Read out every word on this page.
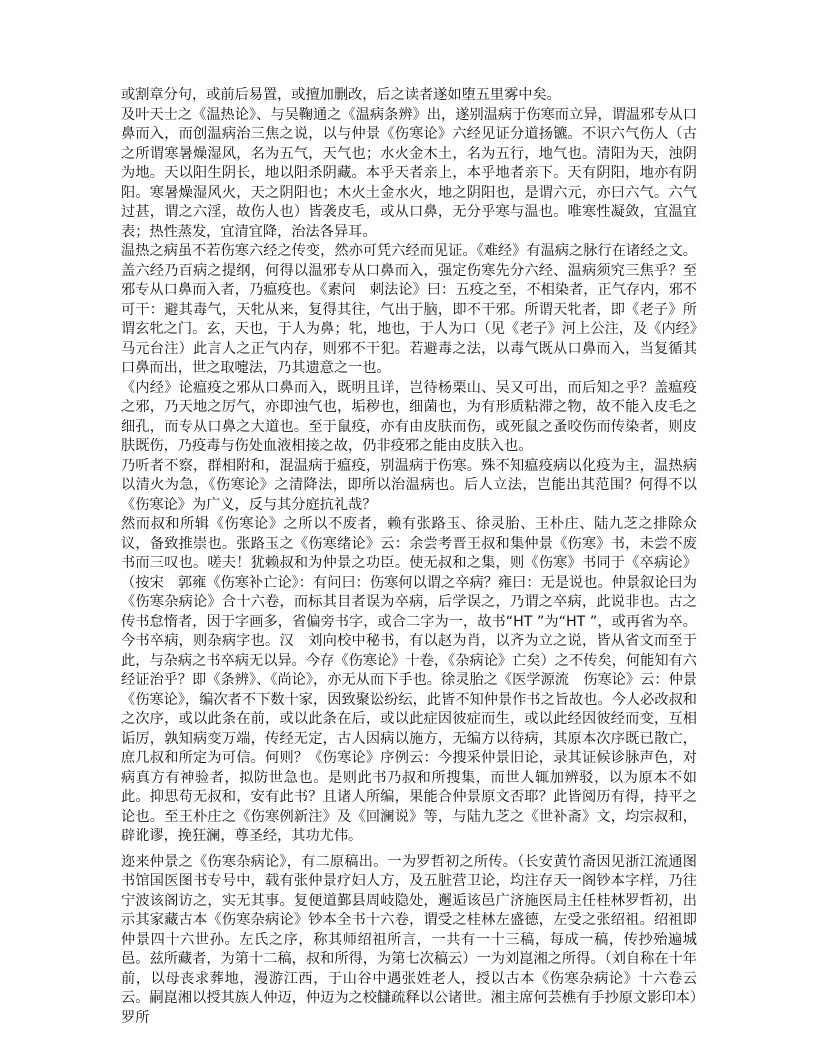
或割章分句，或前后易置，或擅加删改，后之读者遂如堕五里雾中矣。

及叶天士之《温热论》、与吴鞠通之《温病条辨》出，遂别温病于伤寒而立异，谓温邪专从口鼻而入，而创温病治三焦之说，以与仲景《伤寒论》六经见证分道扬镳。不识六气伤人（古之所谓寒暑燥湿风，名为五气，天气也；水火金木土，名为五行，地气也。清阳为天，浊阴为地。天以阳生阴长，地以阳杀阴藏。本乎天者亲上，本乎地者亲下。天有阴阳，地亦有阴阳。寒暑燥湿风火，天之阴阳也；木火土金水火，地之阴阳也，是谓六元，亦曰六气。六气过甚，谓之六淫，故伤人也）皆袭皮毛，或从口鼻，无分乎寒与温也。唯寒性凝敛，宜温宜表；热性蒸发，宜清宜降，治法各异耳。

温热之病虽不若伤寒六经之传变，然亦可凭六经而见证。《难经》有温病之脉行在诸经之文。盖六经乃百病之提纲，何得以温邪专从口鼻而入，强定伤寒先分六经、温病须究三焦乎？至邪专从口鼻而入者，乃瘟疫也。《素问　刺法论》曰：五疫之至，不相染者，正气存内，邪不可干：避其毒气，天牝从来，复得其往，气出于脑，即不干邪。所谓天牝者，即《老子》所谓玄牝之门。玄，天也，于人为鼻；牝，地也，于人为口（见《老子》河上公注，及《内经》马元台注）此言人之正气内存，则邪不干犯。若避毒之法，以毒气既从口鼻而入，当复循其口鼻而出，世之取嚏法，乃其遗意之一也。

《内经》论瘟疫之邪从口鼻而入，既明且详，岂待杨栗山、吴又可出，而后知之乎？盖瘟疫之邪，乃天地之厉气，亦即浊气也，垢秽也，细菌也，为有形质粘滞之物，故不能入皮毛之细孔，而专从口鼻之大道也。至于鼠疫，亦有由皮肤而伤，或死鼠之蚤咬伤而传染者，则皮肤既伤，乃疫毒与伤处血液相接之故，仍非疫邪之能由皮肤入也。

乃听者不察，群相附和，混温病于瘟疫，别温病于伤寒。殊不知瘟疫病以化疫为主，温热病以清火为急，《伤寒论》之清降法，即所以治温病也。后人立法，岂能出其范围？何得不以《伤寒论》为广义，反与其分庭抗礼哉？

然而叔和所辑《伤寒论》之所以不废者，赖有张路玉、徐灵胎、王朴庄、陆九芝之排除众议，备致推崇也。张路玉之《伤寒绪论》云：余尝考晋王叔和集仲景《伤寒》书，未尝不废书而三叹也。嗟夫！犹赖叔和为仲景之功臣。使无叔和之集，则《伤寒》书同于《卒病论》（按宋　郭雍《伤寒补亡论》：有问曰：伤寒何以谓之卒病？雍曰：无是说也。仲景叙论曰为《伤寒杂病论》合十六卷，而标其目者误为卒病，后学误之，乃谓之卒病，此说非也。古之传书怠惰者，因于字画多，省偏旁书字，或合二字为一，故书“HT ”为“HT ”，或再省为卒。今书卒病，则杂病字也。汉　刘向校中秘书，有以赵为肖，以齐为立之说，皆从省文而至于此，与杂病之书卒病无以异。今存《伤寒论》十卷，《杂病论》亡矣）之不传矣，何能知有六经证治乎？即《条辨》、《尚论》，亦无从而下手也。徐灵胎之《医学源流　伤寒论》云：仲景《伤寒论》，编次者不下数十家，因致聚讼纷纭，此皆不知仲景作书之旨故也。今人必改叔和之次序，或以此条在前，或以此条在后，或以此症因彼症而生，或以此经因彼经而变，互相诟厉，孰知病变万端，传经无定，古人因病以施方，无编方以待病，其原本次序既已散亡，庶几叔和所定为可信。何则？《伤寒论》序例云：今搜采仲景旧论，录其证候诊脉声色，对病真方有神验者，拟防世急也。是则此书乃叔和所搜集，而世人辄加辨驳，以为原本不如此。抑思苟无叔和，安有此书？且诸人所编，果能合仲景原文否耶？此皆阅历有得，持平之论也。至王朴庄之《伤寒例新注》及《回澜说》等，与陆九芝之《世补斋》文，均宗叔和，辟讹谬，挽狂澜，尊圣经，其功尤伟。

迩来仲景之《伤寒杂病论》，有二原稿出。一为罗哲初之所传。（长安黄竹斋因见浙江流通图书馆国医图书专号中，载有张仲景疗妇人方，及五脏营卫论，均注存天一阁钞本字样，乃往宁波该阁访之，实无其事。复便道鄞县周岐隐处，邂逅该邑广济施医局主任桂林罗哲初，出示其家藏古本《伤寒杂病论》钞本全书十六卷，谓受之桂林左盛德，左受之张绍祖。绍祖即仲景四十六世孙。左氏之序，称其师绍祖所言，一共有一十三稿，每成一稿，传抄殆遍城邑。兹所藏者，为第十二稿，叔和所得，为第七次稿云）一为刘崑湘之所得。（刘自称在十年前，以母丧求葬地，漫游江西，于山谷中遇张姓老人，授以古本《伤寒杂病论》十六卷云云。嗣崑湘以授其族人仲迈，仲迈为之校讎疏释以公诸世。湘主席何芸樵有手抄原文影印本）罗所
